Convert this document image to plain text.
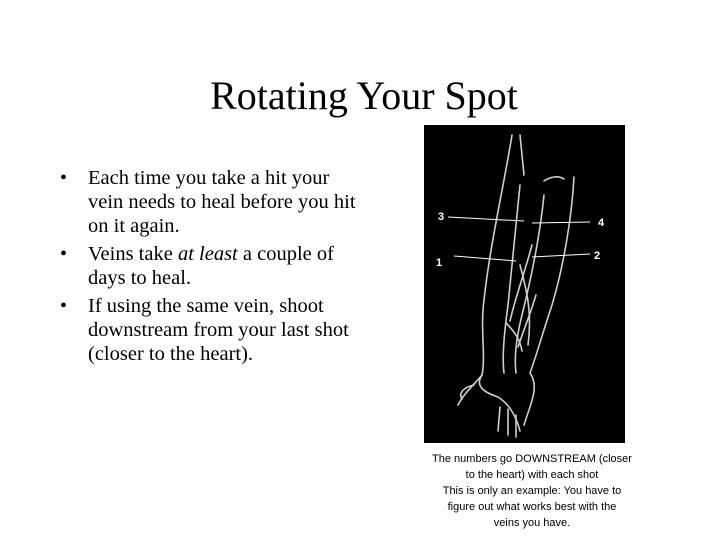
Rotating Your Spot
• Each time you take a hit your vein needs to heal before you hit on it again.
• Veins take at least a couple of days to heal.
• If using the same vein, shoot downstream from your last shot (closer to the heart).
3	4
1
2
The numbers go DOWNSTREAM (closer
to the heart) with each shot
This is only an example: You have to
figure out what works best with the
veins you have.
